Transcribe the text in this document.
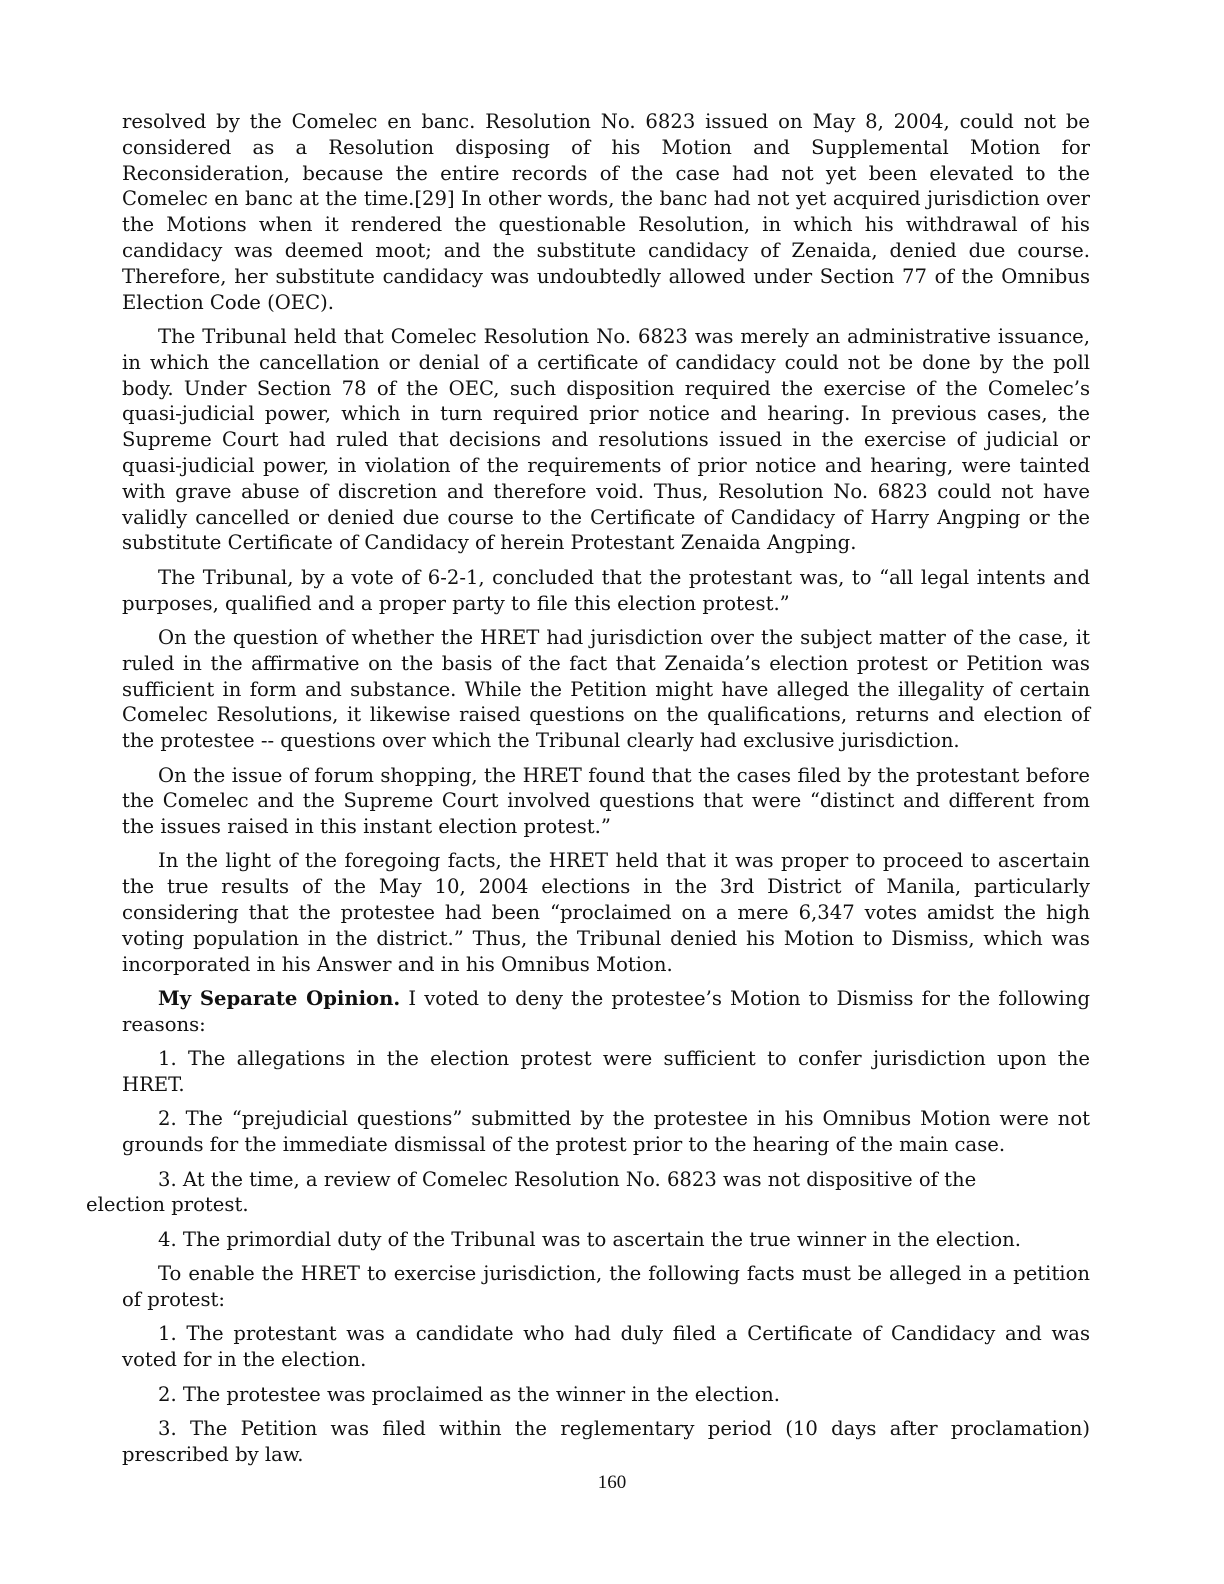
resolved by the Comelec en banc. Resolution No. 6823 issued on May 8, 2004, could not be considered as a Resolution disposing of his Motion and Supplemental Motion for Reconsideration, because the entire records of the case had not yet been elevated to the Comelec en banc at the time.[29] In other words, the banc had not yet acquired jurisdiction over the Motions when it rendered the questionable Resolution, in which his withdrawal of his candidacy was deemed moot; and the substitute candidacy of Zenaida, denied due course. Therefore, her substitute candidacy was undoubtedly allowed under Section 77 of the Omnibus Election Code (OEC).

The Tribunal held that Comelec Resolution No. 6823 was merely an administrative issuance, in which the cancellation or denial of a certificate of candidacy could not be done by the poll body. Under Section 78 of the OEC, such disposition required the exercise of the Comelec’s quasi-judicial power, which in turn required prior notice and hearing. In previous cases, the Supreme Court had ruled that decisions and resolutions issued in the exercise of judicial or quasi-judicial power, in violation of the requirements of prior notice and hearing, were tainted with grave abuse of discretion and therefore void. Thus, Resolution No. 6823 could not have validly cancelled or denied due course to the Certificate of Candidacy of Harry Angping or the substitute Certificate of Candidacy of herein Protestant Zenaida Angping.

The Tribunal, by a vote of 6-2-1, concluded that the protestant was, to “all legal intents and purposes, qualified and a proper party to file this election protest.”

On the question of whether the HRET had jurisdiction over the subject matter of the case, it ruled in the affirmative on the basis of the fact that Zenaida’s election protest or Petition was sufficient in form and substance. While the Petition might have alleged the illegality of certain Comelec Resolutions, it likewise raised questions on the qualifications, returns and election of the protestee -- questions over which the Tribunal clearly had exclusive jurisdiction.

On the issue of forum shopping, the HRET found that the cases filed by the protestant before the Comelec and the Supreme Court involved questions that were “distinct and different from the issues raised in this instant election protest.”

In the light of the foregoing facts, the HRET held that it was proper to proceed to ascertain the true results of the May 10, 2004 elections in the 3rd District of Manila, particularly considering that the protestee had been “proclaimed on a mere 6,347 votes amidst the high voting population in the district.” Thus, the Tribunal denied his Motion to Dismiss, which was incorporated in his Answer and in his Omnibus Motion.

My Separate Opinion. I voted to deny the protestee’s Motion to Dismiss for the following reasons:

1. The allegations in the election protest were sufficient to confer jurisdiction upon the HRET.

2. The “prejudicial questions” submitted by the protestee in his Omnibus Motion were not grounds for the immediate dismissal of the protest prior to the hearing of the main case.

3. At the time, a review of Comelec Resolution No. 6823 was not dispositive of the
election protest.

4. The primordial duty of the Tribunal was to ascertain the true winner in the election.

To enable the HRET to exercise jurisdiction, the following facts must be alleged in a petition of protest:

1. The protestant was a candidate who had duly filed a Certificate of Candidacy and was voted for in the election.

2. The protestee was proclaimed as the winner in the election.

3. The Petition was filed within the reglementary period (10 days after proclamation) prescribed by law.

160
